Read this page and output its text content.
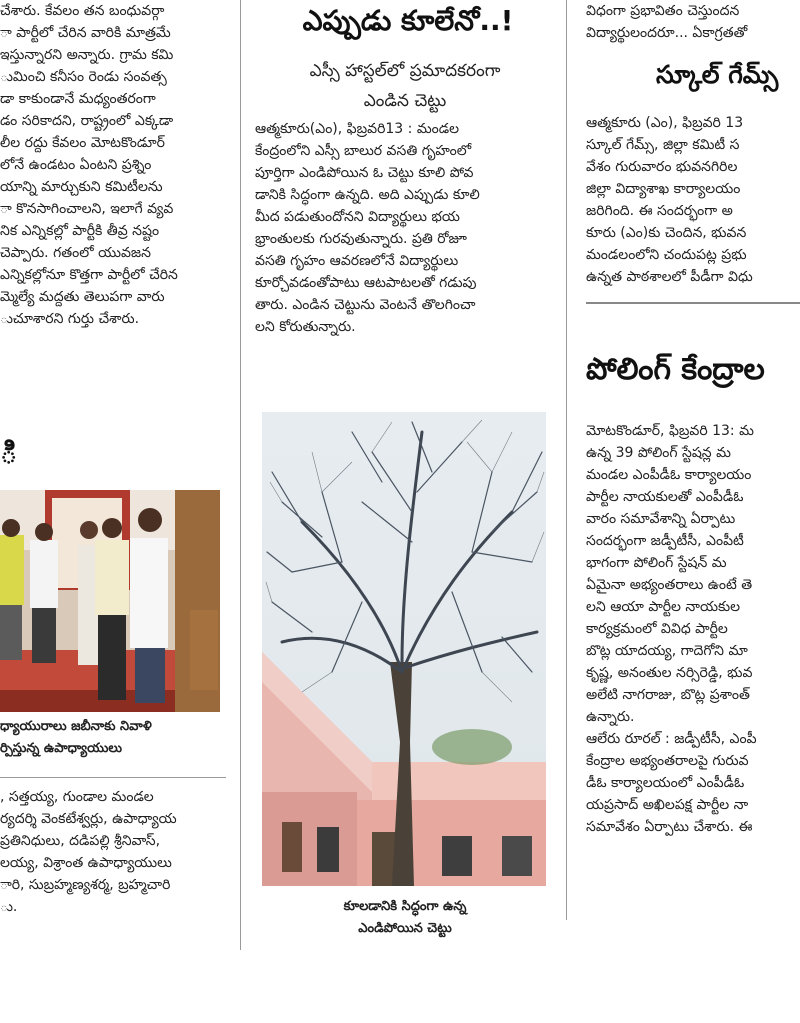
చేశారు. కేవలం తన బంధువర్గా

ా పార్టీలో చేరిన వారికి మాత్రమే

ఇస్తున్నారని అన్నారు. గ్రామ కమి

ుమించి కనీసం రెండు సంవత్స

డా కాకుండానే మధ్యంతరంగా

డం సరికాదని, రాష్ట్రంలో ఎక్కడా

లీల రద్దు కేవలం మోటకొండూర్

లోనే ఉండటం ఏంటని ప్రశ్నిం

యాన్ని మార్చుకుని కమిటీలను

ా కొనసాగించాలని, ఇలాగే వ్యవ

నిక ఎన్నికల్లో పార్టీకి తీవ్ర నష్టం

చెప్పారు. గతంలో యువజన

ఎన్నికల్లోనూ కొత్తగా పార్టీలో చేరిన

మ్మెల్యే మద్దతు తెలుపగా వారు

ుచూశారని గుర్తు చేశారు.

ి
ధ్యాయురాలు జబీనాకు నివాళి
ర్పిస్తున్న ఉపాధ్యాయులు

, సత్తయ్య, గుండాల మండల

ర్యదర్శి వెంకటేశ్వర్లు, ఉపాధ్యాయ

ప్రతినిధులు, దడిపల్లి శ్రీనివాస్,

లయ్య, విశ్రాంత ఉపాధ్యాయులు

ారి, సుబ్రహ్మణ్యశర్మ, బ్రహ్మచారి

ు.

ఎప్పుడు కూలేనో..!
ఎస్సీ హాస్టల్‌లో ప్రమాదకరంగా
ఎండిన చెట్టు

ఆత్మకూరు(ఎం), ఫిబ్రవరి13 : మండల

కేంద్రంలోని ఎస్సీ బాలుర వసతి గృహంలో

పూర్తిగా ఎండిపోయిన ఓ చెట్టు కూలి పోవ

డానికి సిద్ధంగా ఉన్నది. అది ఎప్పుడు కూలి

మీద పడుతుందోనని విద్యార్థులు భయ

భ్రాంతులకు గురవుతున్నారు. ప్రతి రోజూ

వసతి గృహం ఆవరణలోనే విద్యార్థులు

కూర్చోవడంతోపాటు ఆటపాటలతో గడుపు

తారు. ఎండిన చెట్టును వెంటనే తొలగించా

లని కోరుతున్నారు.

కూలడానికి సిద్ధంగా ఉన్న
ఎండిపోయిన చెట్టు

విధంగా ప్రభావితం చెస్తుందన

విద్యార్థులందరూ... ఏకాగ్రతతో

స్కూల్ గేమ్స్

ఆత్మకూరు (ఎం), ఫిబ్రవరి 13

స్కూల్ గేమ్స్, జిల్లా కమిటీ స

వేశం గురువారం భువనగిరిల

జిల్లా విద్యాశాఖ కార్యాలయం

జరిగింది. ఈ సందర్భంగా అ

కూరు (ఎం)కు చెందిన, భువన

మండలంలోని చందుపట్ల ప్రభు

ఉన్నత పాఠశాలలో పీడీగా విధు

పోలింగ్ కేంద్రాల

మోటకొండూర్, ఫిబ్రవరి 13: మ

ఉన్న 39 పోలింగ్ స్టేషన్ల మ

మండల ఎంపీడీఓ కార్యాలయం

పార్టీల నాయకులతో ఎంపీడీఓ

వారం సమావేశాన్ని ఏర్పాటు

సందర్భంగా జడ్పీటీసీ, ఎంపీటీ

భాగంగా పోలింగ్ స్టేషన్ మ

ఏమైనా అభ్యంతరాలు ఉంటే తె

లని ఆయా పార్టీల నాయకుల

కార్యక్రమంలో వివిధ పార్టీల

బొట్ల యాదయ్య, గాదెగోని మా

కృష్ణ, అనంతుల నర్సిరెడ్డి, భువ

అలేటి నాగరాజు, బొట్ల ప్రశాంత్

ఉన్నారు.

ఆలేరు రూరల్ : జడ్పీటీసీ, ఎంపీ

కేంద్రాల అభ్యంతరాలపై గురువ

డీఓ కార్యాలయంలో ఎంపీడీఓ

యప్రసాద్ అఖిలపక్ష పార్టీల నా

సమావేశం ఏర్పాటు చేశారు. ఈ
